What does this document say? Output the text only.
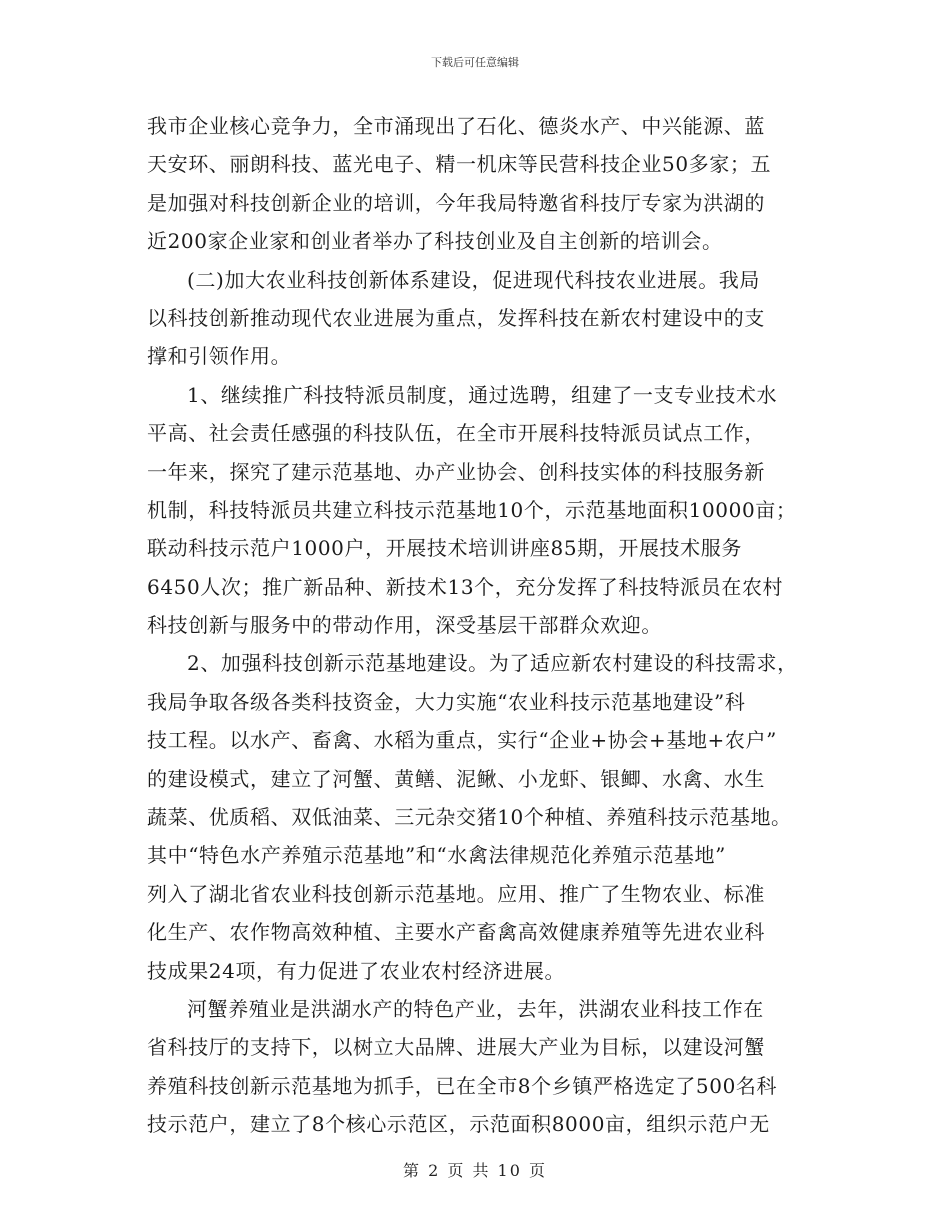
下载后可任意编辑
我市企业核心竞争力，全市涌现出了石化、德炎水产、中兴能源、蓝
天安环、丽朗科技、蓝光电子、精一机床等民营科技企业50多家；五
是加强对科技创新企业的培训，今年我局特邀省科技厅专家为洪湖的
近200家企业家和创业者举办了科技创业及自主创新的培训会。
(二)加大农业科技创新体系建设，促进现代科技农业进展。我局
以科技创新推动现代农业进展为重点，发挥科技在新农村建设中的支
撑和引领作用。
1、继续推广科技特派员制度，通过选聘，组建了一支专业技术水
平高、社会责任感强的科技队伍，在全市开展科技特派员试点工作，
一年来，探究了建示范基地、办产业协会、创科技实体的科技服务新
机制，科技特派员共建立科技示范基地10个，示范基地面积10000亩；
联动科技示范户1000户，开展技术培训讲座85期，开展技术服务
6450人次；推广新品种、新技术13个，充分发挥了科技特派员在农村
科技创新与服务中的带动作用，深受基层干部群众欢迎。
2、加强科技创新示范基地建设。为了适应新农村建设的科技需求，
我局争取各级各类科技资金，大力实施“农业科技示范基地建设”科
技工程。以水产、畜禽、水稻为重点，实行“企业+协会+基地+农户”
的建设模式，建立了河蟹、黄鳝、泥鳅、小龙虾、银鲫、水禽、水生
蔬菜、优质稻、双低油菜、三元杂交猪10个种植、养殖科技示范基地。
其中“特色水产养殖示范基地”和“水禽法律规范化养殖示范基地”
列入了湖北省农业科技创新示范基地。应用、推广了生物农业、标准
化生产、农作物高效种植、主要水产畜禽高效健康养殖等先进农业科
技成果24项，有力促进了农业农村经济进展。
河蟹养殖业是洪湖水产的特色产业，去年，洪湖农业科技工作在
省科技厅的支持下，以树立大品牌、进展大产业为目标，以建设河蟹
养殖科技创新示范基地为抓手，已在全市8个乡镇严格选定了500名科
技示范户，建立了8个核心示范区，示范面积8000亩，组织示范户无
第 2 页 共 10 页
